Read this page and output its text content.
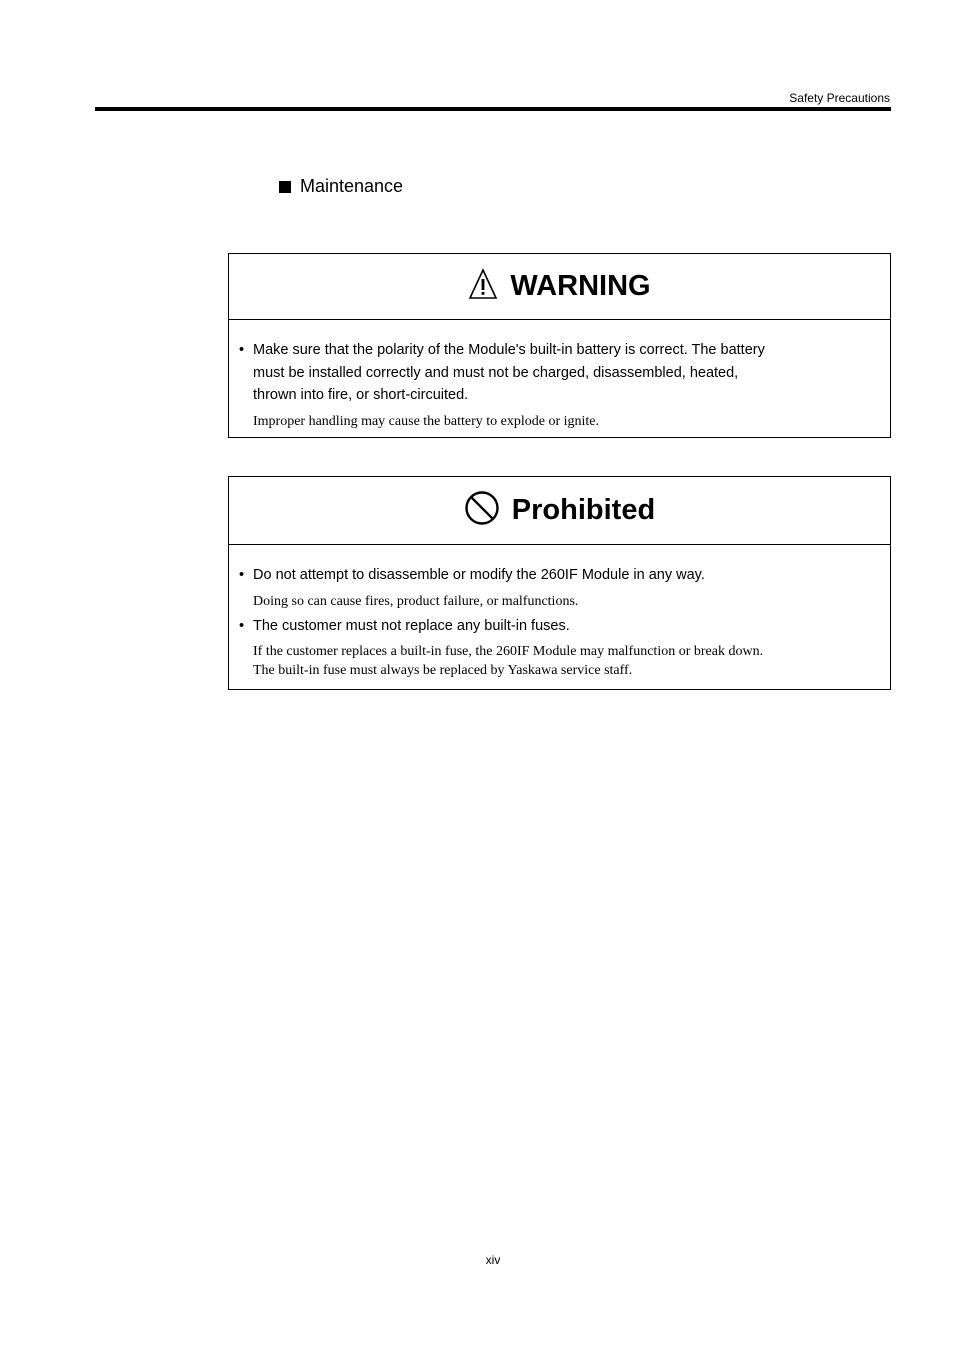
Safety Precautions
Maintenance
WARNING
• Make sure that the polarity of the Module's built-in battery is correct. The battery must be installed correctly and must not be charged, disassembled, heated, thrown into fire, or short-circuited.
Improper handling may cause the battery to explode or ignite.
Prohibited
• Do not attempt to disassemble or modify the 260IF Module in any way.
Doing so can cause fires, product failure, or malfunctions.
• The customer must not replace any built-in fuses.
If the customer replaces a built-in fuse, the 260IF Module may malfunction or break down.
The built-in fuse must always be replaced by Yaskawa service staff.
xiv
